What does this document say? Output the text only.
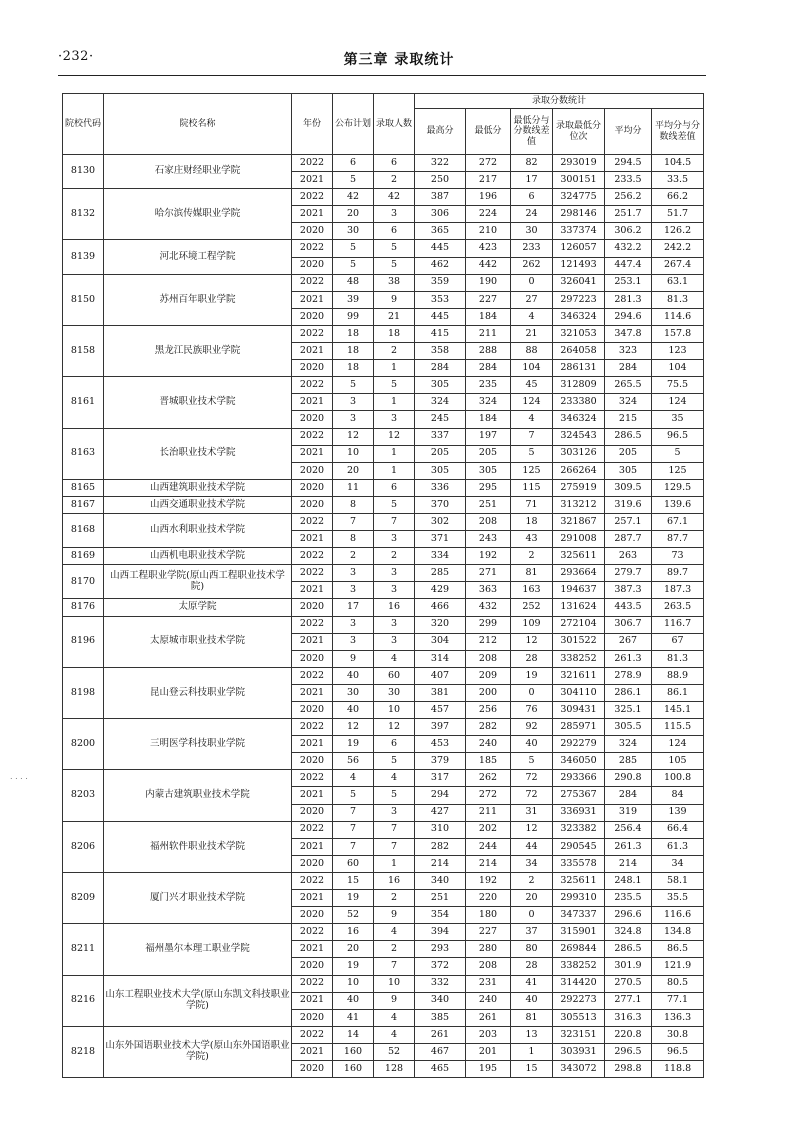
·232·	第三章 录取统计
院校代码	院校名称	年份	公布计划	录取人数	录取分数统计					
					最高分	最低分	最低分与分数线差值	录取最低分位次	平均分	平均分与分数线差值
8130	石家庄财经职业学院	2022	6	6	322	272	82	293019	294.5	104.5
		2021	5	2	250	217	17	300151	233.5	33.5
8132	哈尔滨传媒职业学院	2022	42	42	387	196	6	324775	256.2	66.2
		2021	20	3	306	224	24	298146	251.7	51.7
		2020	30	6	365	210	30	337374	306.2	126.2
8139	河北环境工程学院	2022	5	5	445	423	233	126057	432.2	242.2
		2020	5	5	462	442	262	121493	447.4	267.4
8150	苏州百年职业学院	2022	48	38	359	190	0	326041	253.1	63.1
		2021	39	9	353	227	27	297223	281.3	81.3
		2020	99	21	445	184	4	346324	294.6	114.6
8158	黑龙江民族职业学院	2022	18	18	415	211	21	321053	347.8	157.8
		2021	18	2	358	288	88	264058	323	123
		2020	18	1	284	284	104	286131	284	104
8161	晋城职业技术学院	2022	5	5	305	235	45	312809	265.5	75.5
		2021	3	1	324	324	124	233380	324	124
		2020	3	3	245	184	4	346324	215	35
8163	长治职业技术学院	2022	12	12	337	197	7	324543	286.5	96.5
		2021	10	1	205	205	5	303126	205	5
		2020	20	1	305	305	125	266264	305	125
8165	山西建筑职业技术学院	2020	11	6	336	295	115	275919	309.5	129.5
8167	山西交通职业技术学院	2020	8	5	370	251	71	313212	319.6	139.6
8168	山西水利职业技术学院	2022	7	7	302	208	18	321867	257.1	67.1
		2021	8	3	371	243	43	291008	287.7	87.7
8169	山西机电职业技术学院	2022	2	2	334	192	2	325611	263	73
8170	山西工程职业学院(原山西工程职业技术学院)	2022	3	3	285	271	81	293664	279.7	89.7
		2021	3	3	429	363	163	194637	387.3	187.3
8176	太原学院	2020	17	16	466	432	252	131624	443.5	263.5
8196	太原城市职业技术学院	2022	3	3	320	299	109	272104	306.7	116.7
		2021	3	3	304	212	12	301522	267	67
		2020	9	4	314	208	28	338252	261.3	81.3
8198	昆山登云科技职业学院	2022	40	60	407	209	19	321611	278.9	88.9
		2021	30	30	381	200	0	304110	286.1	86.1
		2020	40	10	457	256	76	309431	325.1	145.1
8200	三明医学科技职业学院	2022	12	12	397	282	92	285971	305.5	115.5
		2021	19	6	453	240	40	292279	324	124
		2020	56	5	379	185	5	346050	285	105
8203	内蒙古建筑职业技术学院	2022	4	4	317	262	72	293366	290.8	100.8
		2021	5	5	294	272	72	275367	284	84
		2020	7	3	427	211	31	336931	319	139
8206	福州软件职业技术学院	2022	7	7	310	202	12	323382	256.4	66.4
		2021	7	7	282	244	44	290545	261.3	61.3
		2020	60	1	214	214	34	335578	214	34
8209	厦门兴才职业技术学院	2022	15	16	340	192	2	325611	248.1	58.1
		2021	19	2	251	220	20	299310	235.5	35.5
		2020	52	9	354	180	0	347337	296.6	116.6
8211	福州墨尔本理工职业学院	2022	16	4	394	227	37	315901	324.8	134.8
		2021	20	2	293	280	80	269844	286.5	86.5
		2020	19	7	372	208	28	338252	301.9	121.9
8216	山东工程职业技术大学(原山东凯文科技职业学院)	2022	10	10	332	231	41	314420	270.5	80.5
		2021	40	9	340	240	40	292273	277.1	77.1
		2020	41	4	385	261	81	305513	316.3	136.3
8218	山东外国语职业技术大学(原山东外国语职业学院)	2022	14	4	261	203	13	323151	220.8	30.8
		2021	160	52	467	201	1	303931	296.5	96.5
		2020	160	128	465	195	15	343072	298.8	118.8
. . . .
